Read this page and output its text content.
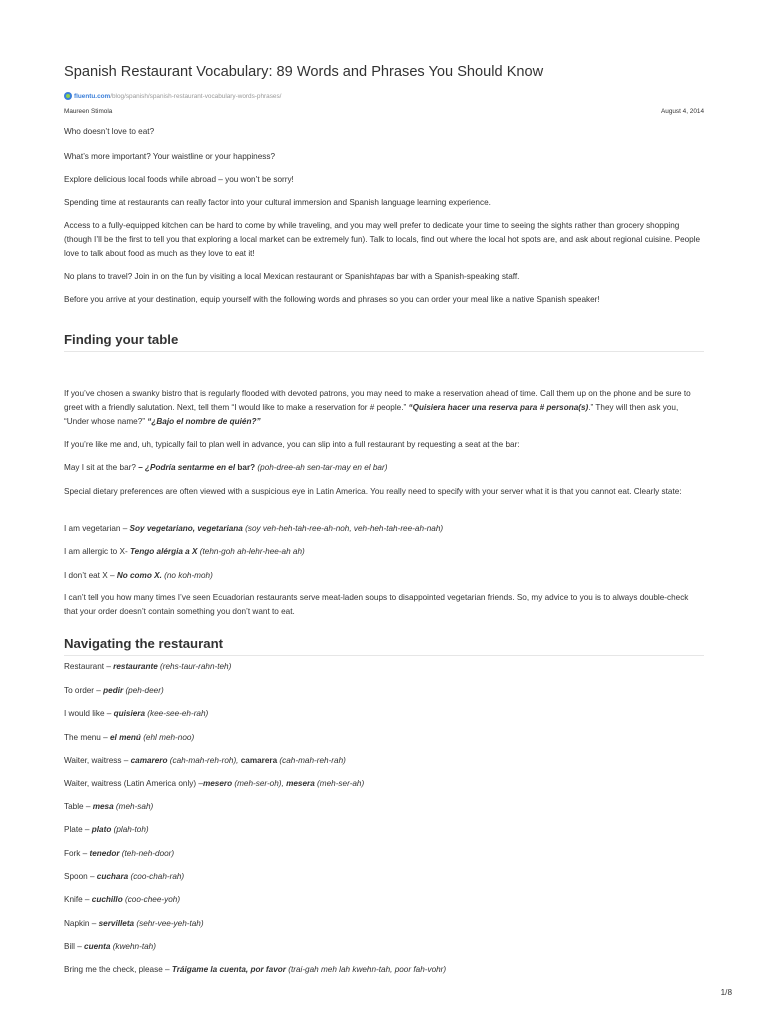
Spanish Restaurant Vocabulary: 89 Words and Phrases You Should Know
fluentu.com /blog/spanish/spanish-restaurant-vocabulary-words-phrases/
Maureen Stimola	August 4, 2014

Who doesn’t love to eat?

What’s more important? Your waistline or your happiness?

Explore delicious local foods while abroad – you won’t be sorry!

Spending time at restaurants can really factor into your cultural immersion and Spanish language learning experience.

Access to a fully-equipped kitchen can be hard to come by while traveling, and you may well prefer to dedicate your time to seeing the sights rather than grocery shopping (though I’ll be the first to tell you that exploring a local market can be extremely fun). Talk to locals, find out where the local hot spots are, and ask about regional cuisine. People love to talk about food as much as they love to eat it!

No plans to travel? Join in on the fun by visiting a local Mexican restaurant or Spanishtapas bar with a Spanish-speaking staff.

Before you arrive at your destination, equip yourself with the following words and phrases so you can order your meal like a native Spanish speaker!

Finding your table

If you’ve chosen a swanky bistro that is regularly flooded with devoted patrons, you may need to make a reservation ahead of time. Call them up on the phone and be sure to greet with a friendly salutation. Next, tell them “I would like to make a reservation for # people.” “Quisiera hacer una reserva para # persona(s).” They will then ask you, “Under whose name?” “¿Bajo el nombre de quién?”

If you’re like me and, uh, typically fail to plan well in advance, you can slip into a full restaurant by requesting a seat at the bar:

May I sit at the bar? – ¿Podría sentarme en el bar? (poh-dree-ah sen-tar-may en el bar)

Special dietary preferences are often viewed with a suspicious eye in Latin America. You really need to specify with your server what it is that you cannot eat. Clearly state:

I am vegetarian – Soy vegetariano, vegetariana (soy veh-heh-tah-ree-ah-noh, veh-heh-tah-ree-ah-nah)

I am allergic to X- Tengo alérgia a X (tehn-goh ah-lehr-hee-ah ah)

I don’t eat X – No como X. (no koh-moh)

I can’t tell you how many times I’ve seen Ecuadorian restaurants serve meat-laden soups to disappointed vegetarian friends. So, my advice to you is to always double-check that your order doesn’t contain something you don’t want to eat.

Navigating the restaurant

Restaurant – restaurante (rehs-taur-rahn-teh)

To order – pedir (peh-deer)

I would like – quisiera (kee-see-eh-rah)

The menu – el menú (ehl meh-noo)

Waiter, waitress – camarero (cah-mah-reh-roh), camarera (cah-mah-reh-rah)

Waiter, waitress (Latin America only) –mesero (meh-ser-oh), mesera (meh-ser-ah)

Table – mesa (meh-sah)

Plate – plato (plah-toh)

Fork – tenedor (teh-neh-door)

Spoon – cuchara (coo-chah-rah)

Knife – cuchillo (coo-chee-yoh)

Napkin – servilleta (sehr-vee-yeh-tah)

Bill – cuenta (kwehn-tah)

Bring me the check, please – Tráigame la cuenta, por favor (trai-gah meh lah kwehn-tah, poor fah-vohr)

1/8
